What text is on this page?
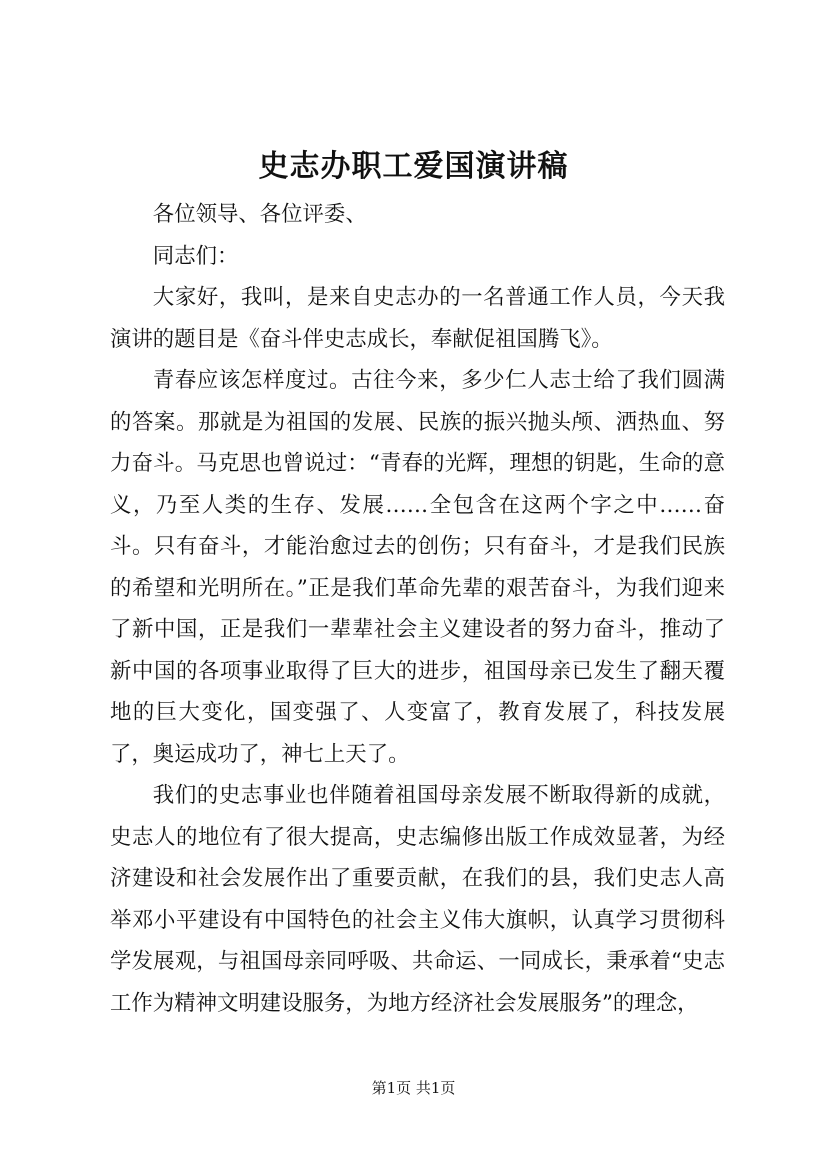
史志办职工爱国演讲稿

各位领导、各位评委、

同志们：

大家好，我叫，是来自史志办的一名普通工作人员，今天我演讲的题目是《奋斗伴史志成长，奉献促祖国腾飞》。

青春应该怎样度过。古往今来，多少仁人志士给了我们圆满的答案。那就是为祖国的发展、民族的振兴抛头颅、洒热血、努力奋斗。马克思也曾说过：“青春的光辉，理想的钥匙，生命的意义，乃至人类的生存、发展……全包含在这两个字之中……奋斗。只有奋斗，才能治愈过去的创伤；只有奋斗，才是我们民族的希望和光明所在。”正是我们革命先辈的艰苦奋斗，为我们迎来了新中国，正是我们一辈辈社会主义建设者的努力奋斗，推动了新中国的各项事业取得了巨大的进步，祖国母亲已发生了翻天覆地的巨大变化，国变强了、人变富了，教育发展了，科技发展了，奥运成功了，神七上天了。

我们的史志事业也伴随着祖国母亲发展不断取得新的成就，史志人的地位有了很大提高，史志编修出版工作成效显著，为经济建设和社会发展作出了重要贡献，在我们的县，我们史志人高举邓小平建设有中国特色的社会主义伟大旗帜，认真学习贯彻科学发展观，与祖国母亲同呼吸、共命运、一同成长，秉承着“史志工作为精神文明建设服务，为地方经济社会发展服务”的理念，

第1页 共1页
